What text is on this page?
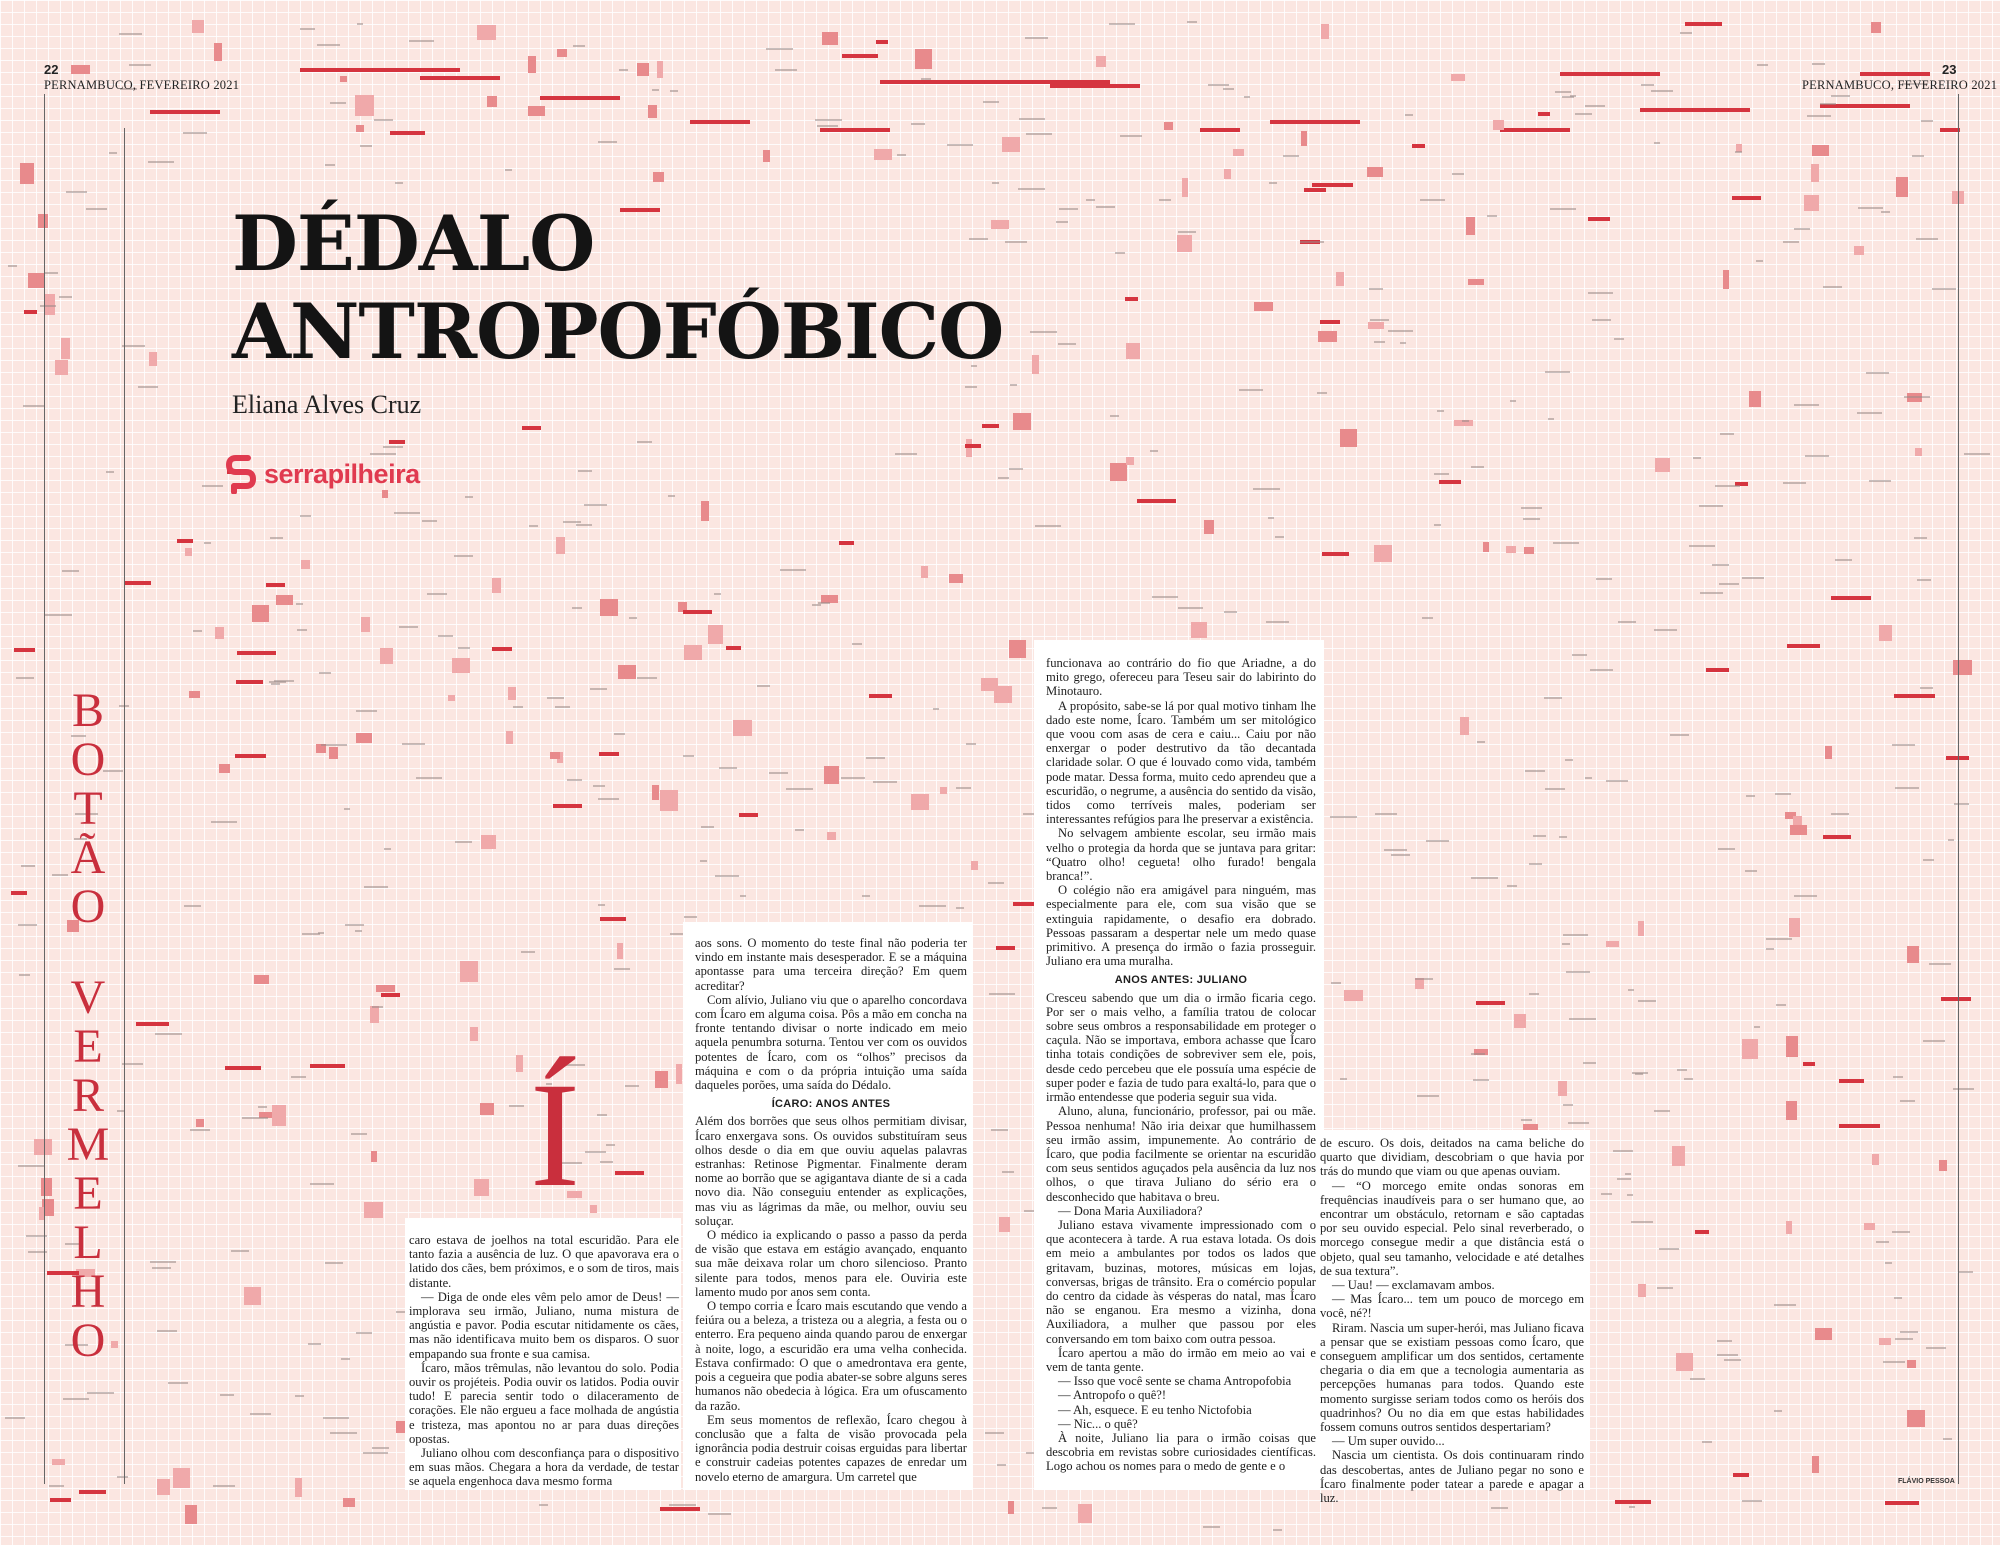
22
PERNAMBUCO, FEVEREIRO 2021
23
PERNAMBUCO, FEVEREIRO 2021
DÉDALO
ANTROPOFÓBICO
Eliana Alves Cruz
serrapilheira
B
O
T
Ã
O
V
E
R
M
E
L
H
O
Í

caro estava de joelhos na total escuridão. Para ele tanto fazia a ausência de luz. O que apavorava era o latido dos cães, bem próximos, e o som de tiros, mais distante.

— Diga de onde eles vêm pelo amor de Deus! — implorava seu irmão, Juliano, numa mistura de angústia e pavor. Podia escutar nitidamente os cães, mas não identificava muito bem os disparos. O suor empapando sua fronte e sua camisa.

Ícaro, mãos trêmulas, não levantou do solo. Podia ouvir os projéteis. Podia ouvir os latidos. Podia ouvir tudo! E parecia sentir todo o dilaceramento de corações. Ele não ergueu a face molhada de angústia e tristeza, mas apontou no ar para duas direções opostas.

Juliano olhou com desconfiança para o dispositivo em suas mãos. Chegara a hora da verdade, de testar se aquela engenhoca dava mesmo forma

aos sons. O momento do teste final não poderia ter vindo em instante mais desesperador. E se a máquina apontasse para uma terceira direção? Em quem acreditar?

Com alívio, Juliano viu que o aparelho concordava com Ícaro em alguma coisa. Pôs a mão em concha na fronte tentando divisar o norte indicado em meio aquela penumbra soturna. Tentou ver com os ouvidos potentes de Ícaro, com os “olhos” precisos da máquina e com o da própria intuição uma saída daqueles porões, uma saída do Dédalo.

ÍCARO: ANOS ANTES

Além dos borrões que seus olhos permitiam divisar, Ícaro enxergava sons. Os ouvidos substituíram seus olhos desde o dia em que ouviu aquelas palavras estranhas: Retinose Pigmentar. Finalmente deram nome ao borrão que se agigantava diante de si a cada novo dia. Não conseguiu entender as explicações, mas viu as lágrimas da mãe, ou melhor, ouviu seu soluçar.

O médico ia explicando o passo a passo da perda de visão que estava em estágio avançado, enquanto sua mãe deixava rolar um choro silencioso. Pranto silente para todos, menos para ele. Ouviria este lamento mudo por anos sem conta.

O tempo corria e Ícaro mais escutando que vendo a feiúra ou a beleza, a tristeza ou a alegria, a festa ou o enterro. Era pequeno ainda quando parou de enxergar à noite, logo, a escuridão era uma velha conhecida. Estava confirmado: O que o amedrontava era gente, pois a cegueira que podia abater-se sobre alguns seres humanos não obedecia à lógica. Era um ofuscamento da razão.

Em seus momentos de reflexão, Ícaro chegou à conclusão que a falta de visão provocada pela ignorância podia destruir coisas erguidas para libertar e construir cadeias potentes capazes de enredar um novelo eterno de amargura. Um carretel que

funcionava ao contrário do fio que Ariadne, a do mito grego, ofereceu para Teseu sair do labirinto do Minotauro.

A propósito, sabe-se lá por qual motivo tinham lhe dado este nome, Ícaro. Também um ser mitológico que voou com asas de cera e caiu... Caiu por não enxergar o poder destrutivo da tão decantada claridade solar. O que é louvado como vida, também pode matar. Dessa forma, muito cedo aprendeu que a escuridão, o negrume, a ausência do sentido da visão, tidos como terríveis males, poderiam ser interessantes refúgios para lhe preservar a existência.

No selvagem ambiente escolar, seu irmão mais velho o protegia da horda que se juntava para gritar: “Quatro olho! cegueta! olho furado! bengala branca!”.

O colégio não era amigável para ninguém, mas especialmente para ele, com sua visão que se extinguia rapidamente, o desafio era dobrado. Pessoas passaram a despertar nele um medo quase primitivo. A presença do irmão o fazia prosseguir. Juliano era uma muralha.

ANOS ANTES: JULIANO

Cresceu sabendo que um dia o irmão ficaria cego. Por ser o mais velho, a família tratou de colocar sobre seus ombros a responsabilidade em proteger o caçula. Não se importava, embora achasse que Ícaro tinha totais condições de sobreviver sem ele, pois, desde cedo percebeu que ele possuía uma espécie de super poder e fazia de tudo para exaltá-lo, para que o irmão entendesse que poderia seguir sua vida.

Aluno, aluna, funcionário, professor, pai ou mãe. Pessoa nenhuma! Não iria deixar que humilhassem seu irmão assim, impunemente. Ao contrário de Ícaro, que podia facilmente se orientar na escuridão com seus sentidos aguçados pela ausência da luz nos olhos, o que tirava Juliano do sério era o desconhecido que habitava o breu.

— Dona Maria Auxiliadora?

Juliano estava vivamente impressionado com o que acontecera à tarde. A rua estava lotada. Os dois em meio a ambulantes por todos os lados que gritavam, buzinas, motores, músicas em lojas, conversas, brigas de trânsito. Era o comércio popular do centro da cidade às vésperas do natal, mas Ícaro não se enganou. Era mesmo a vizinha, dona Auxiliadora, a mulher que passou por eles conversando em tom baixo com outra pessoa.

Ícaro apertou a mão do irmão em meio ao vai e vem de tanta gente.

— Isso que você sente se chama Antropofobia

— Antropofo o quê?!

— Ah, esquece. E eu tenho Nictofobia

— Nic... o quê?

À noite, Juliano lia para o irmão coisas que descobria em revistas sobre curiosidades científicas. Logo achou os nomes para o medo de gente e o

de escuro. Os dois, deitados na cama beliche do quarto que dividiam, descobriam o que havia por trás do mundo que viam ou que apenas ouviam.

— “O morcego emite ondas sonoras em frequências inaudíveis para o ser humano que, ao encontrar um obstáculo, retornam e são captadas por seu ouvido especial. Pelo sinal reverberado, o morcego consegue medir a que distância está o objeto, qual seu tamanho, velocidade e até detalhes de sua textura”.

— Uau! — exclamavam ambos.

— Mas Ícaro... tem um pouco de morcego em você, né?!

Riram. Nascia um super-herói, mas Juliano ficava a pensar que se existiam pessoas como Ícaro, que conseguem amplificar um dos sentidos, certamente chegaria o dia em que a tecnologia aumentaria as percepções humanas para todos. Quando este momento surgisse seriam todos como os heróis dos quadrinhos? Ou no dia em que estas habilidades fossem comuns outros sentidos despertariam?

— Um super ouvido...

Nascia um cientista. Os dois continuaram rindo das descobertas, antes de Juliano pegar no sono e Ícaro finalmente poder tatear a parede e apagar a luz.

FLÁVIO PESSOA
